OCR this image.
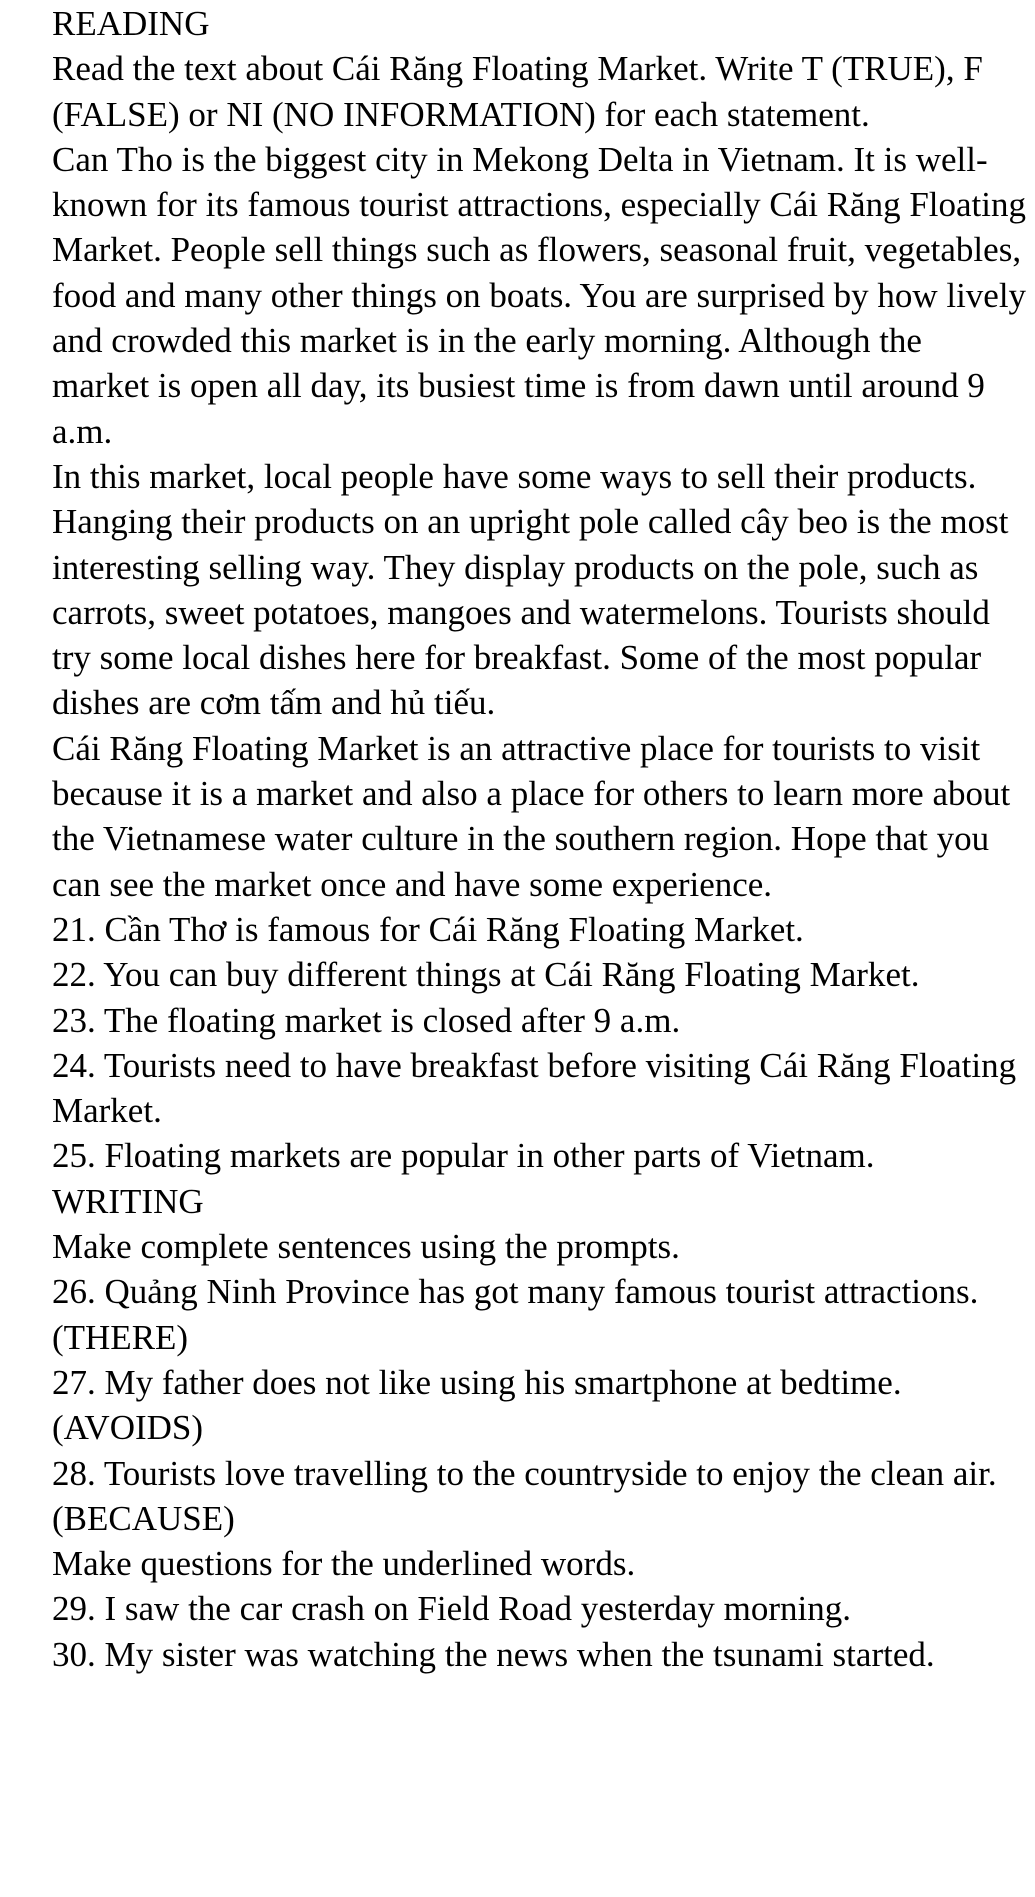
READING

Read the text about Cái Răng Floating Market. Write T (TRUE), F (FALSE) or NI (NO INFORMATION) for each statement.

Can Tho is the biggest city in Mekong Delta in Vietnam. It is well-known for its famous tourist attractions, especially Cái Răng Floating Market. People sell things such as flowers, seasonal fruit, vegetables, food and many other things on boats. You are surprised by how lively and crowded this market is in the early morning. Although the market is open all day, its busiest time is from dawn until around 9 a.m.

In this market, local people have some ways to sell their products. Hanging their products on an upright pole called cây beo is the most interesting selling way. They display products on the pole, such as carrots, sweet potatoes, mangoes and watermelons. Tourists should try some local dishes here for breakfast. Some of the most popular dishes are cơm tấm and hủ tiếu.

Cái Răng Floating Market is an attractive place for tourists to visit because it is a market and also a place for others to learn more about the Vietnamese water culture in the southern region. Hope that you can see the market once and have some experience.

21. Cần Thơ is famous for Cái Răng Floating Market.

22. You can buy different things at Cái Răng Floating Market.

23. The floating market is closed after 9 a.m.

24. Tourists need to have breakfast before visiting Cái Răng Floating Market.

25. Floating markets are popular in other parts of Vietnam.

WRITING

Make complete sentences using the prompts.

26. Quảng Ninh Province has got many famous tourist attractions. (THERE)

27. My father does not like using his smartphone at bedtime. (AVOIDS)

28. Tourists love travelling to the countryside to enjoy the clean air. (BECAUSE)

Make questions for the underlined words.

29. I saw the car crash on Field Road yesterday morning.

30. My sister was watching the news when the tsunami started.
